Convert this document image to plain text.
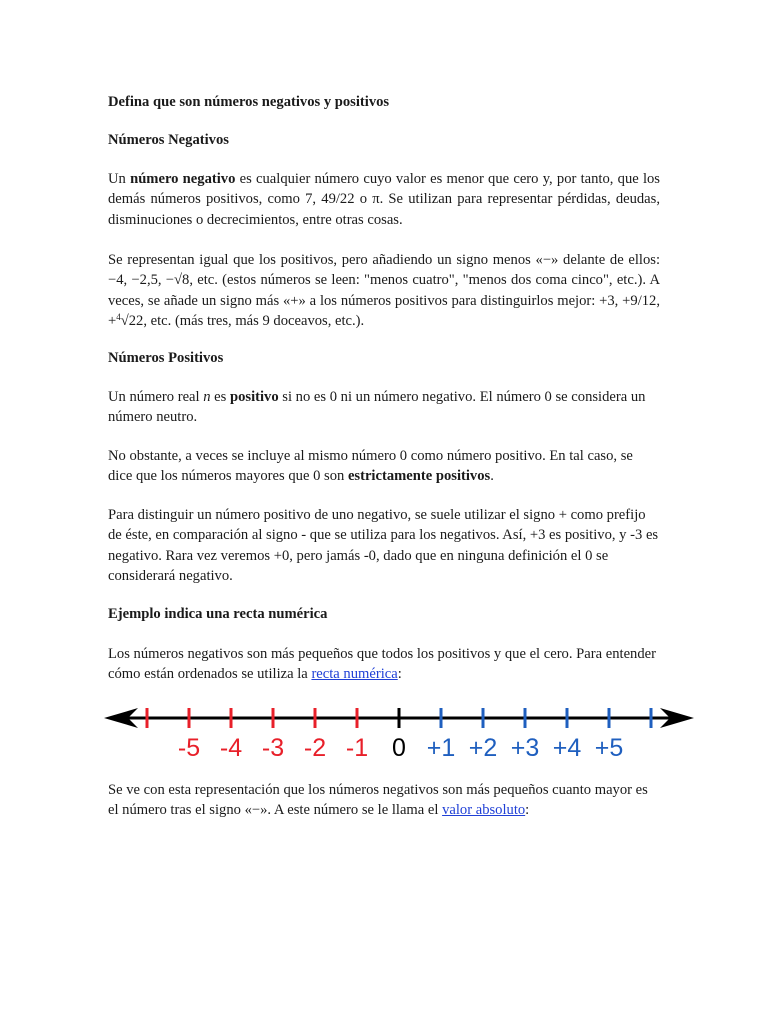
Defina que son números negativos y positivos

Números Negativos

Un número negativo es cualquier número cuyo valor es menor que cero y, por tanto, que los demás números positivos, como 7, 49/22 o π. Se utilizan para representar pérdidas, deudas, disminuciones o decrecimientos, entre otras cosas.

Se representan igual que los positivos, pero añadiendo un signo menos «−» delante de ellos: −4, −2,5, −√8, etc. (estos números se leen: "menos cuatro", "menos dos coma cinco", etc.). A veces, se añade un signo más «+» a los números positivos para distinguirlos mejor: +3, +9/12, +$^4$√22, etc. (más tres, más 9 doceavos, etc.).

Números Positivos

Un número real n es positivo si no es 0 ni un número negativo. El número 0 se considera un número neutro.

No obstante, a veces se incluye al mismo número 0 como número positivo. En tal caso, se dice que los números mayores que 0 son estrictamente positivos.

Para distinguir un número positivo de uno negativo, se suele utilizar el signo + como prefijo de éste, en comparación al signo - que se utiliza para los negativos. Así, +3 es positivo, y -3 es negativo. Rara vez veremos +0, pero jamás -0, dado que en ninguna definición el 0 se considerará negativo.

Ejemplo indica una recta numérica

Los números negativos son más pequeños que todos los positivos y que el cero. Para entender cómo están ordenados se utiliza la recta numérica:

-5 -4 -3 -2 -1 0 +1 +2 +3 +4 +5

Se ve con esta representación que los números negativos son más pequeños cuanto mayor es el número tras el signo «−». A este número se le llama el valor absoluto:
